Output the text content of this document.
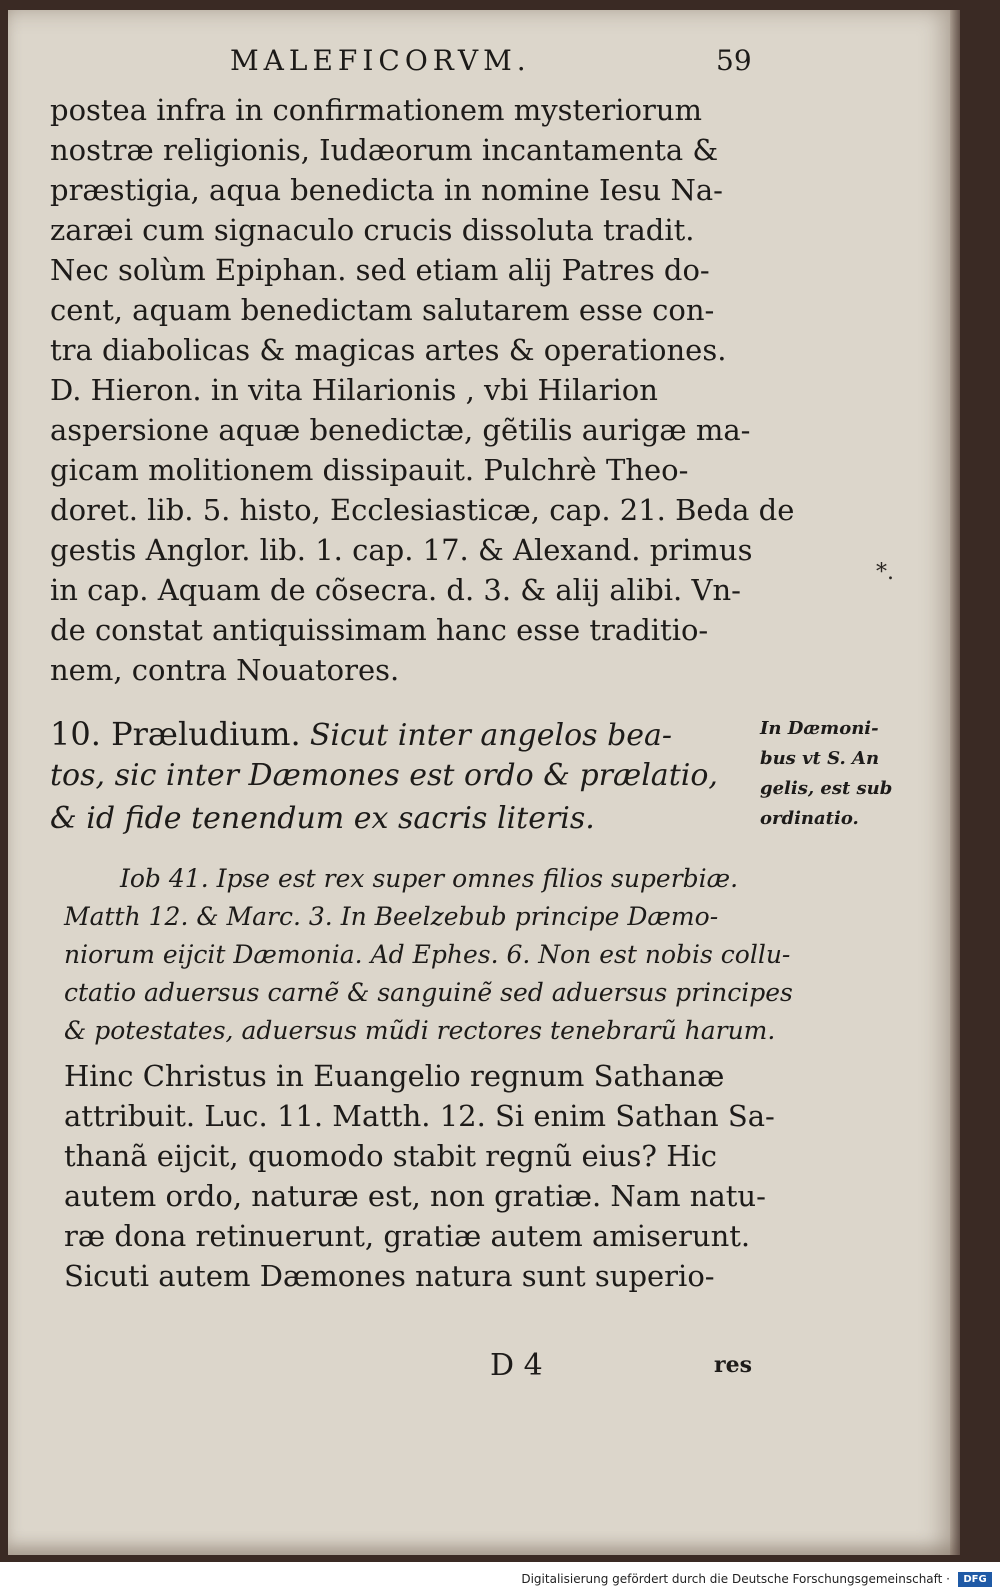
MALEFICORVM.	59
postea infra in confirmationem mysteriorum
nostræ religionis, Iudæorum incantamenta &
præstigia, aqua benedicta in nomine Iesu Na-
zaræi cum signaculo crucis dissoluta tradit.
Nec solùm Epiphan. sed etiam alij Patres do-
cent, aquam benedictam salutarem esse con-
tra diabolicas & magicas artes & operationes.
D. Hieron. in vita Hilarionis , vbi Hilarion
aspersione aquæ benedictæ, gẽtilis aurigæ ma-
gicam molitionem dissipauit. Pulchrè Theo-
doret. lib. 5. histo, Ecclesiasticæ, cap. 21. Beda de
gestis Anglor. lib. 1. cap. 17. & Alexand. primus
in cap. Aquam de cõsecra. d. 3. & alij alibi. Vn-
de constat antiquissimam hanc esse traditio-
nem, contra Nouatores.
10. Præludium. Sicut inter angelos bea-
tos, sic inter Dæmones est ordo & prælatio,
& id fide tenendum ex sacris literis.
Iob 41. Ipse est rex super omnes filios superbiæ.
Matth 12. & Marc. 3. In Beelzebub principe Dæmo-
niorum eijcit Dæmonia. Ad Ephes. 6. Non est nobis collu-
ctatio aduersus carnẽ & sanguinẽ sed aduersus principes
& potestates, aduersus mũdi rectores tenebrarũ harum.
Hinc Christus in Euangelio regnum Sathanæ
attribuit. Luc. 11. Matth. 12. Si enim Sathan Sa-
thanã eijcit, quomodo stabit regnũ eius? Hic
autem ordo, naturæ est, non gratiæ. Nam natu-
ræ dona retinuerunt, gratiæ autem amiserunt.
Sicuti autem Dæmones natura sunt superio-
*.
In Dæmoni-
bus vt S. An
gelis, est sub
ordinatio.
D 4	res
Digitalisierung gefördert durch die Deutsche Forschungsgemeinschaft ·	DFG
